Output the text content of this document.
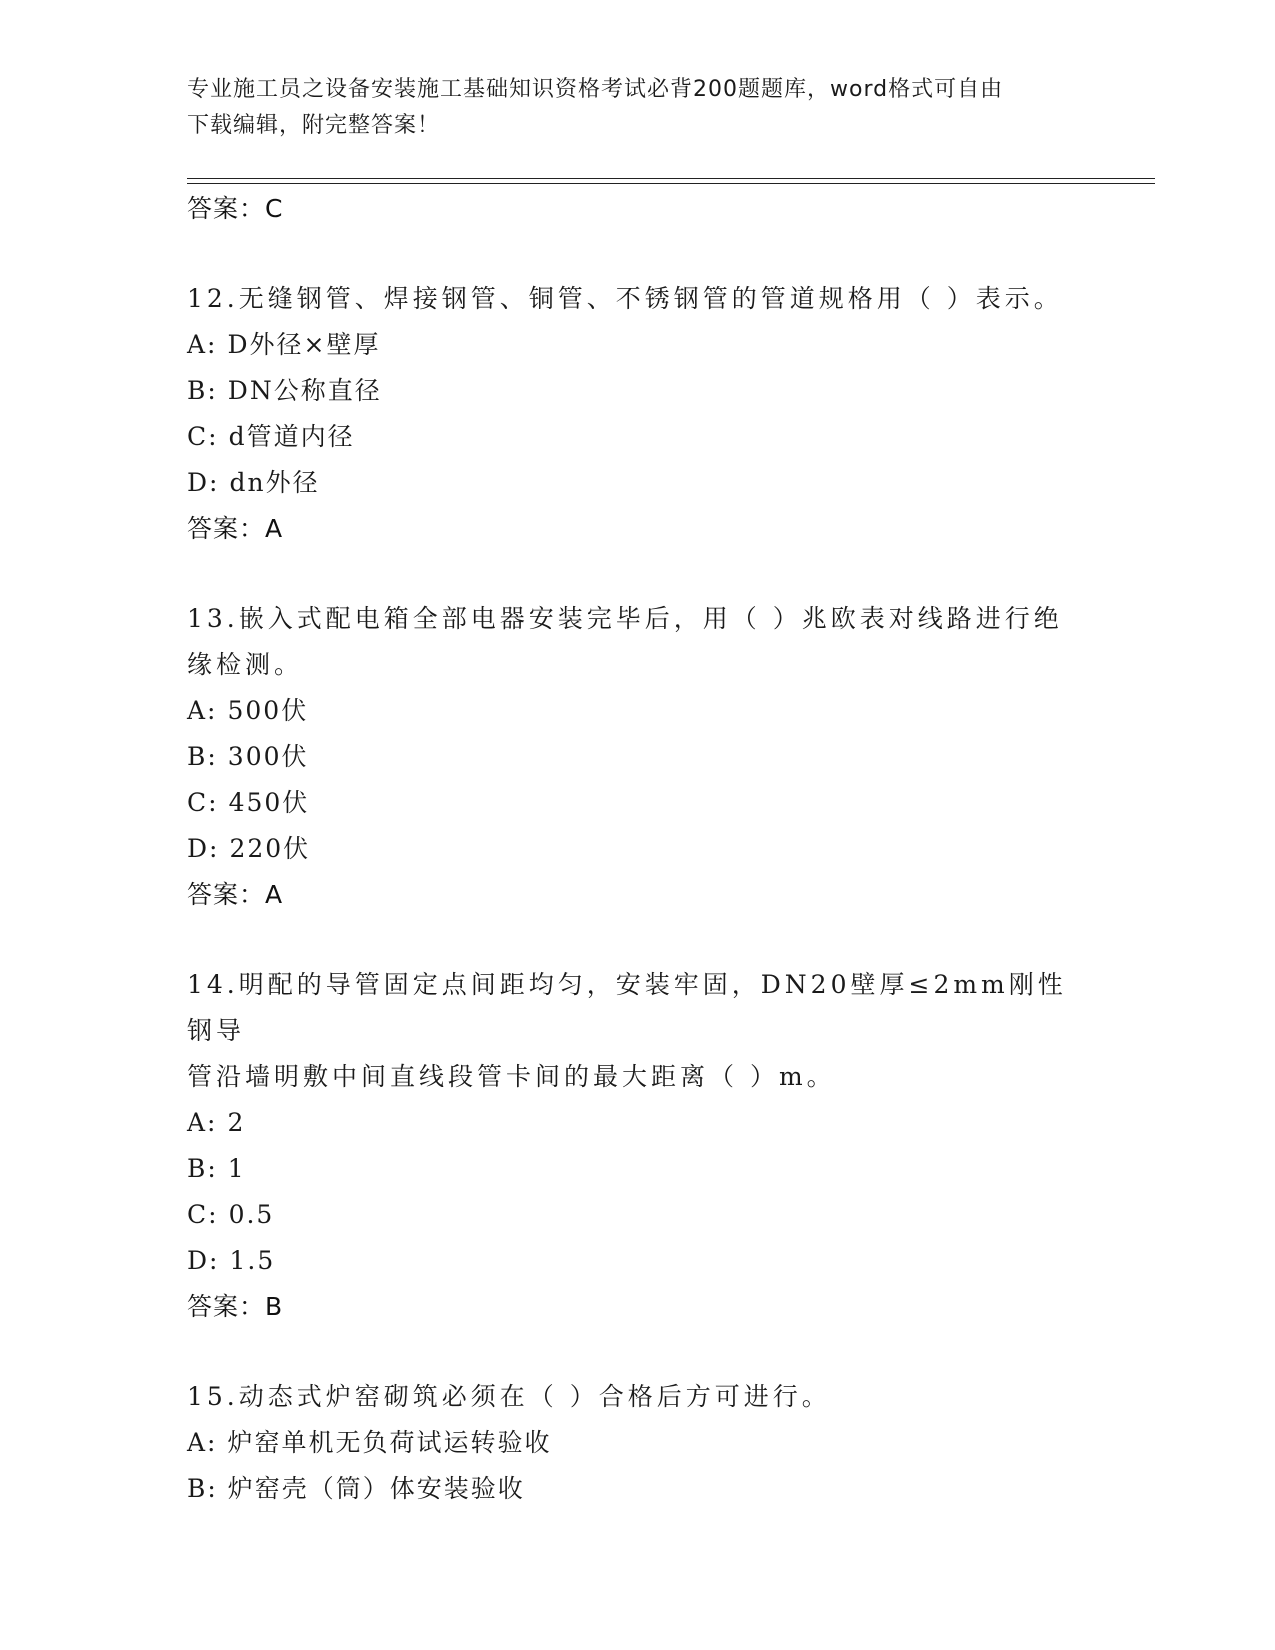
专业施工员之设备安装施工基础知识资格考试必背200题题库，word格式可自由
下载编辑，附完整答案！
答案：C
12.无缝钢管、焊接钢管、铜管、不锈钢管的管道规格用（ ）表示。
A: D外径×壁厚
B: DN公称直径
C: d管道内径
D: dn外径
答案：A
13.嵌入式配电箱全部电器安装完毕后，用（ ）兆欧表对线路进行绝
缘检测。
A: 500伏
B: 300伏
C: 450伏
D: 220伏
答案：A
14.明配的导管固定点间距均匀，安装牢固，DN20壁厚≤2mm刚性钢导
管沿墙明敷中间直线段管卡间的最大距离（ ）m。
A: 2
B: 1
C: 0.5
D: 1.5
答案：B
15.动态式炉窑砌筑必须在（ ）合格后方可进行。
A: 炉窑单机无负荷试运转验收
B: 炉窑壳（筒）体安装验收
